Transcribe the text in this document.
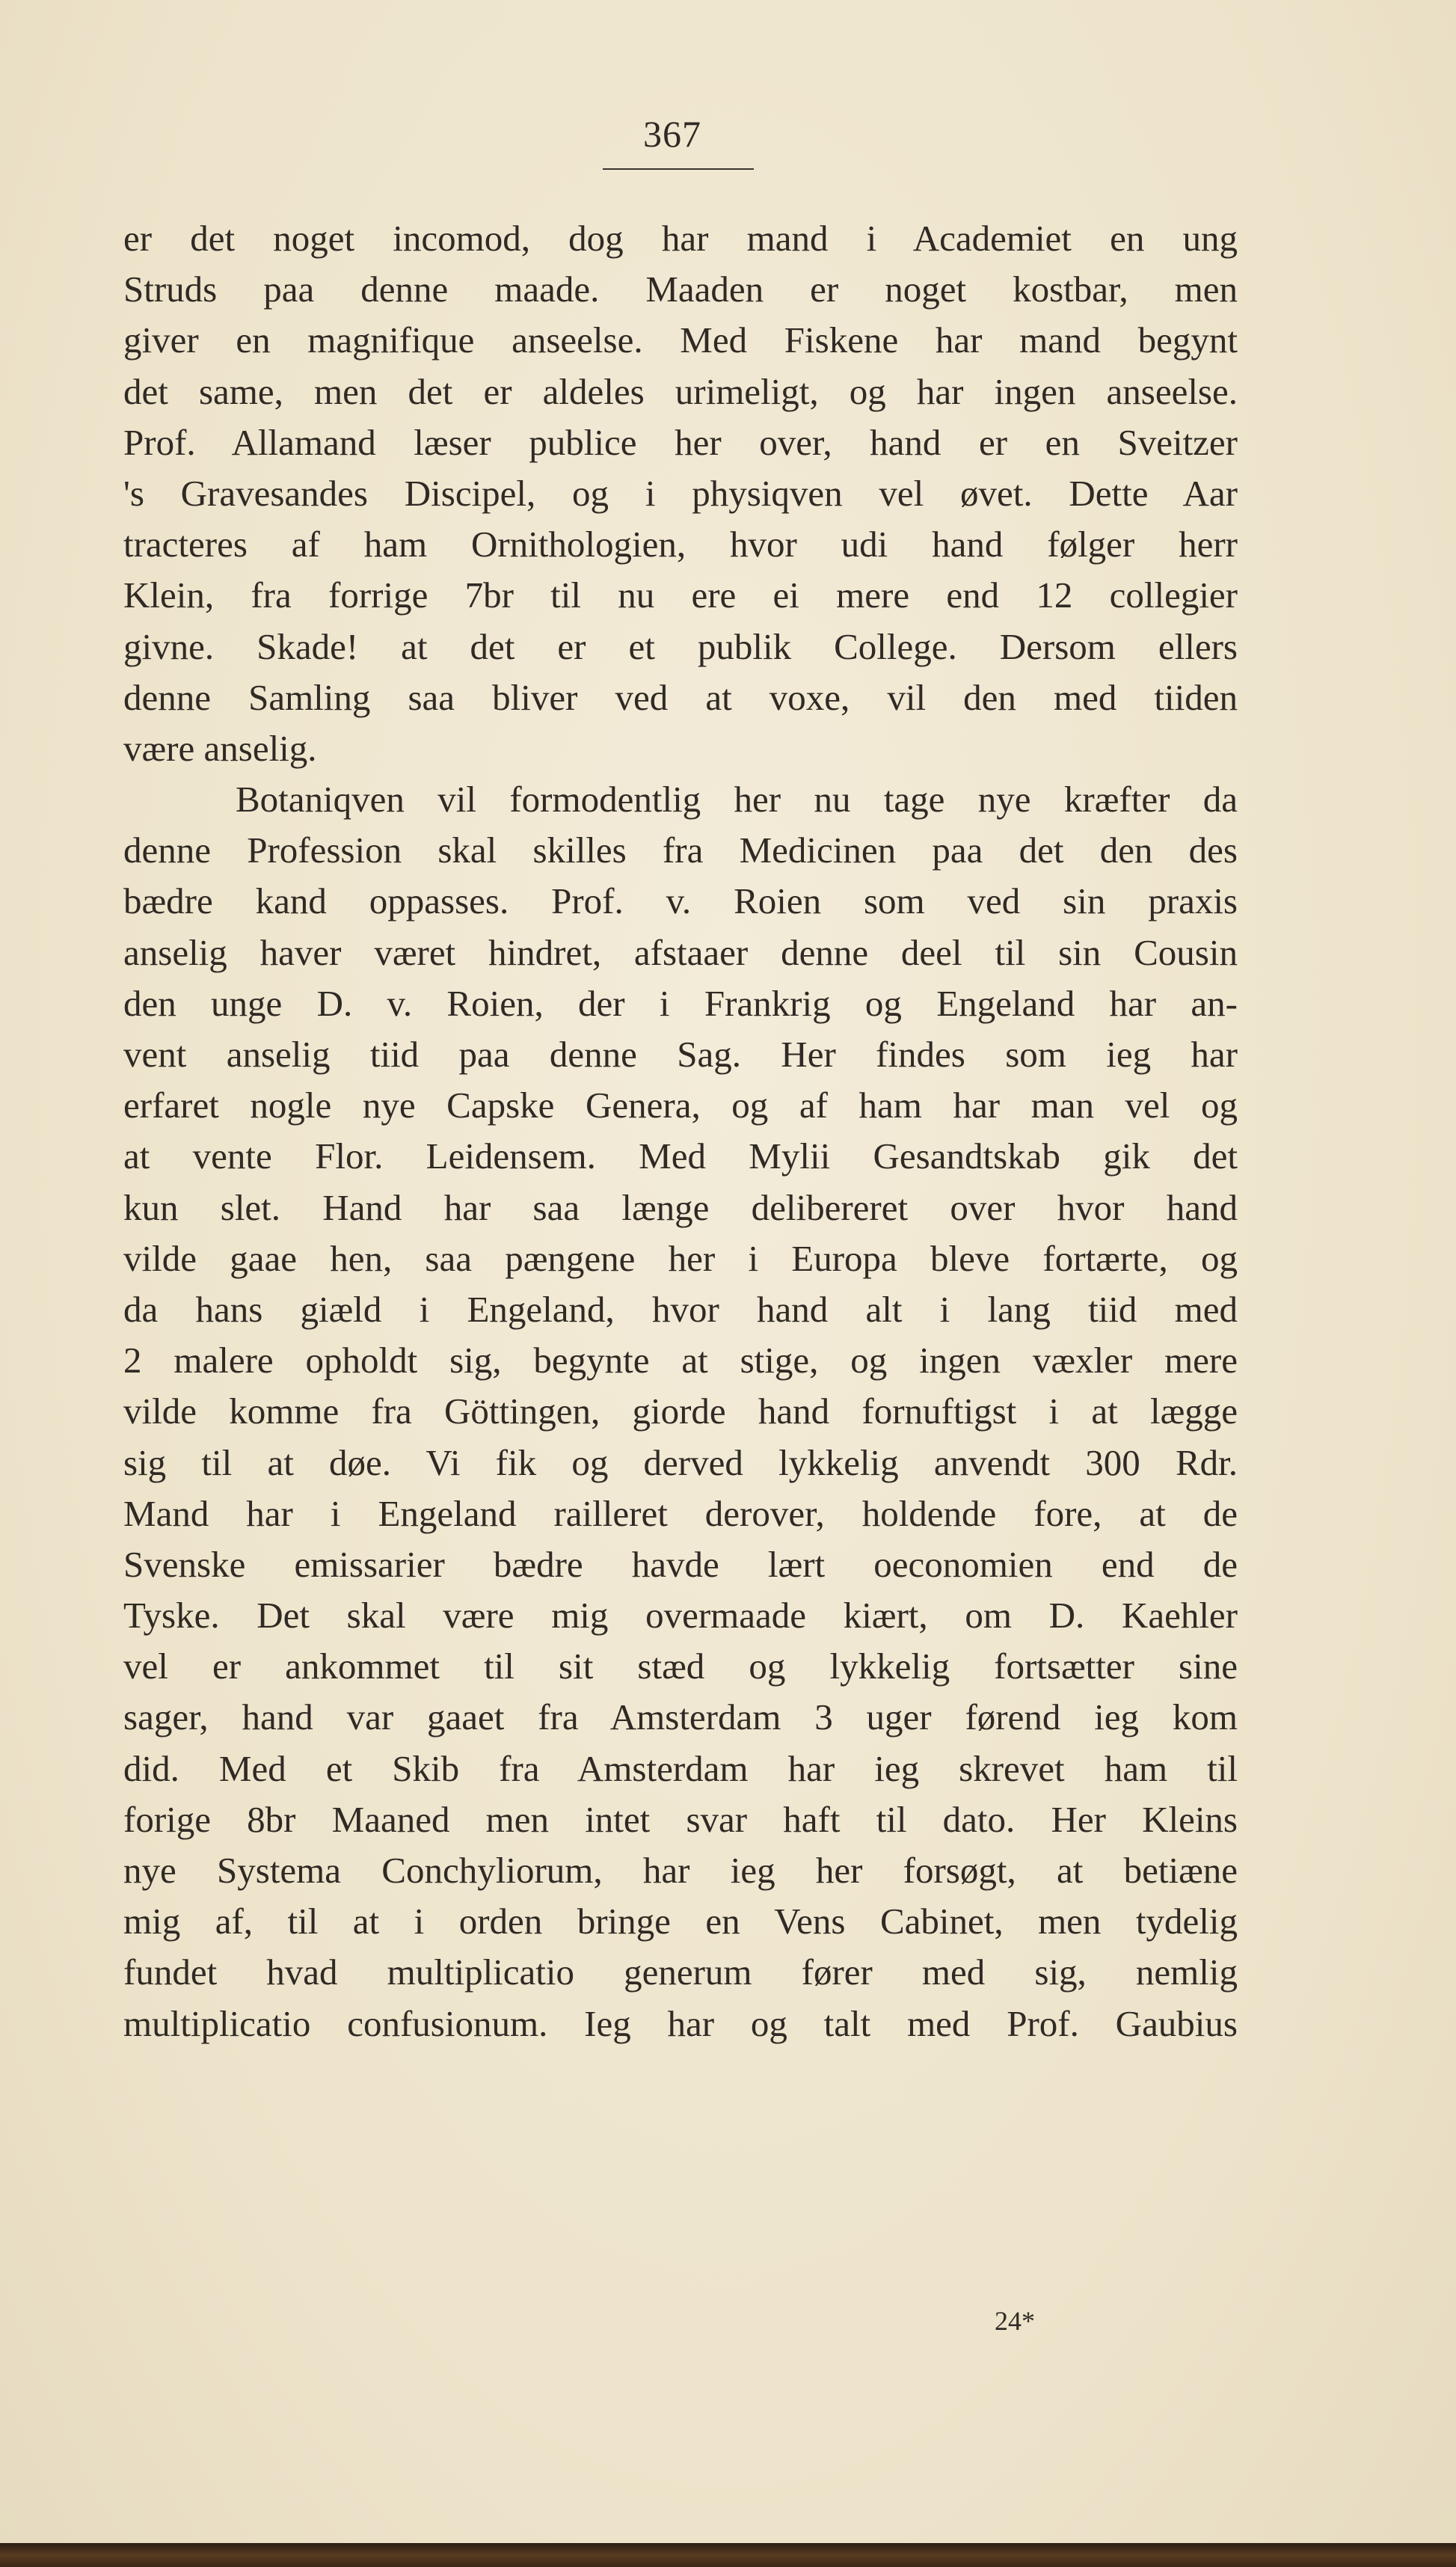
367
er det noget incomod, dog har mand i Academiet en ung
Struds paa denne maade. Maaden er noget kostbar, men
giver en magnifique anseelse. Med Fiskene har mand begynt
det same, men det er aldeles urimeligt, og har ingen anseelse.
Prof. Allamand læser publice her over, hand er en Sveitzer
's Gravesandes Discipel, og i physiqven vel øvet. Dette Aar
tracteres af ham Ornithologien, hvor udi hand følger herr
Klein, fra forrige 7br til nu ere ei mere end 12 collegier
givne. Skade! at det er et publik College. Dersom ellers
denne Samling saa bliver ved at voxe, vil den med tiiden
være anselig.
Botaniqven vil formodentlig her nu tage nye kræfter da
denne Profession skal skilles fra Medicinen paa det den des
bædre kand oppasses. Prof. v. Roien som ved sin praxis
anselig haver været hindret, afstaaer denne deel til sin Cousin
den unge D. v. Roien, der i Frankrig og Engeland har an-
vent anselig tiid paa denne Sag. Her findes som ieg har
erfaret nogle nye Capske Genera, og af ham har man vel og
at vente Flor. Leidensem. Med Mylii Gesandtskab gik det
kun slet. Hand har saa længe delibereret over hvor hand
vilde gaae hen, saa pængene her i Europa bleve fortærte, og
da hans giæld i Engeland, hvor hand alt i lang tiid med
2 malere opholdt sig, begynte at stige, og ingen væxler mere
vilde komme fra Göttingen, giorde hand fornuftigst i at lægge
sig til at døe. Vi fik og derved lykkelig anvendt 300 Rdr.
Mand har i Engeland railleret derover, holdende fore, at de
Svenske emissarier bædre havde lært oeconomien end de
Tyske. Det skal være mig overmaade kiært, om D. Kaehler
vel er ankommet til sit stæd og lykkelig fortsætter sine
sager, hand var gaaet fra Amsterdam 3 uger førend ieg kom
did. Med et Skib fra Amsterdam har ieg skrevet ham til
forige 8br Maaned men intet svar haft til dato. Her Kleins
nye Systema Conchyliorum, har ieg her forsøgt, at betiæne
mig af, til at i orden bringe en Vens Cabinet, men tydelig
fundet hvad multiplicatio generum fører med sig, nemlig
multiplicatio confusionum. Ieg har og talt med Prof. Gaubius
24*
